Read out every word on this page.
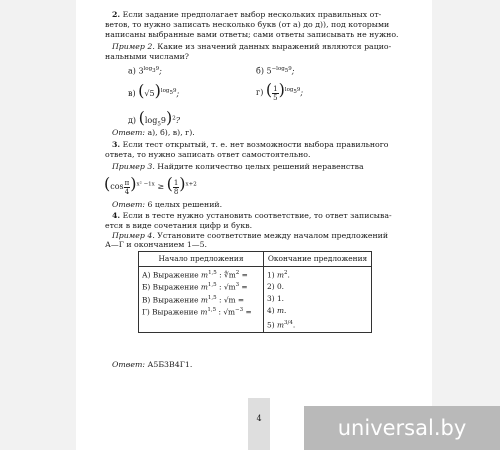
2. Если задание предполагает выбор нескольких правильных от-
ветов, то нужно записать несколько букв (от а) до д)), под которыми
написаны выбранные вами ответы; сами ответы записывать не нужно.
Пример 2. Какие из значений данных выражений являются рацио-
нальными числами?
а) $3^{log39}$;	б) $5^{-log59}$;
в) $(√5)^{log59}$;	г) ( $\frac{1}{5} )^{log59}$;
д) $(\log_59)^2$?
Ответ: а), б), в), г).
3. Если тест открытый, т. е. нет возможности выбора правильного
ответа, то нужно записать ответ самостоятельно.
Пример 3. Найдите количество целых решений неравенства
$(\cos \frac{\pi}{4} )^{x^2 -1x}$ ≥ ( $\frac{1}{8} )^{x+2}$
Ответ: 6 целых решений.
4. Если в тесте нужно установить соответствие, то ответ записыва-
ется в виде сочетания цифр и букв.
Пример 4. Установите соответствие между началом предложений
А—Г и окончанием 1—5.
Начало предложения	Окончание предложения

А) Выражение $m^{1,5}$ : $∜m^2$ =
Б) Выражение $m^{1,5}$ : $√m^3$ =
В) Выражение $m^{1,5}$ : √m =
Г) Выражение $m^{1,5}$ : $√m^{-3}$ =	1) $m^2$.
2) 0.
3) 1.
4) m.
5) $m^{3/4}$.
Ответ: А5Б3В4Г1.
4	universal.by
